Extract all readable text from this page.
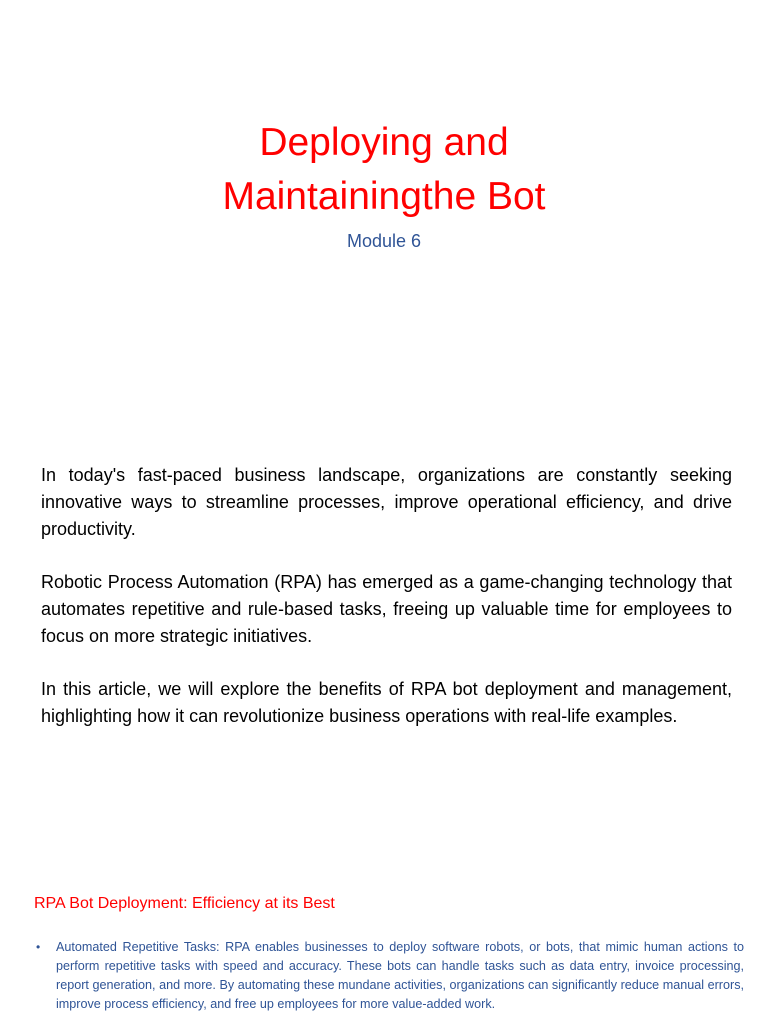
Deploying and
Maintainingthe Bot
Module 6

In today's fast-paced business landscape, organizations are constantly seeking innovative ways to streamline processes, improve operational efficiency, and drive productivity.

Robotic Process Automation (RPA) has emerged as a game-changing technology that automates repetitive and rule-based tasks, freeing up valuable time for employees to focus on more strategic initiatives.

In this article, we will explore the benefits of RPA bot deployment and management, highlighting how it can revolutionize business operations with real-life examples.

RPA Bot Deployment: Efficiency at its Best
• Automated Repetitive Tasks: RPA enables businesses to deploy software robots, or bots, that mimic human actions to perform repetitive tasks with speed and accuracy. These bots can handle tasks such as data entry, invoice processing, report generation, and more. By automating these mundane activities, organizations can significantly reduce manual errors, improve process efficiency, and free up employees for more value-added work.
